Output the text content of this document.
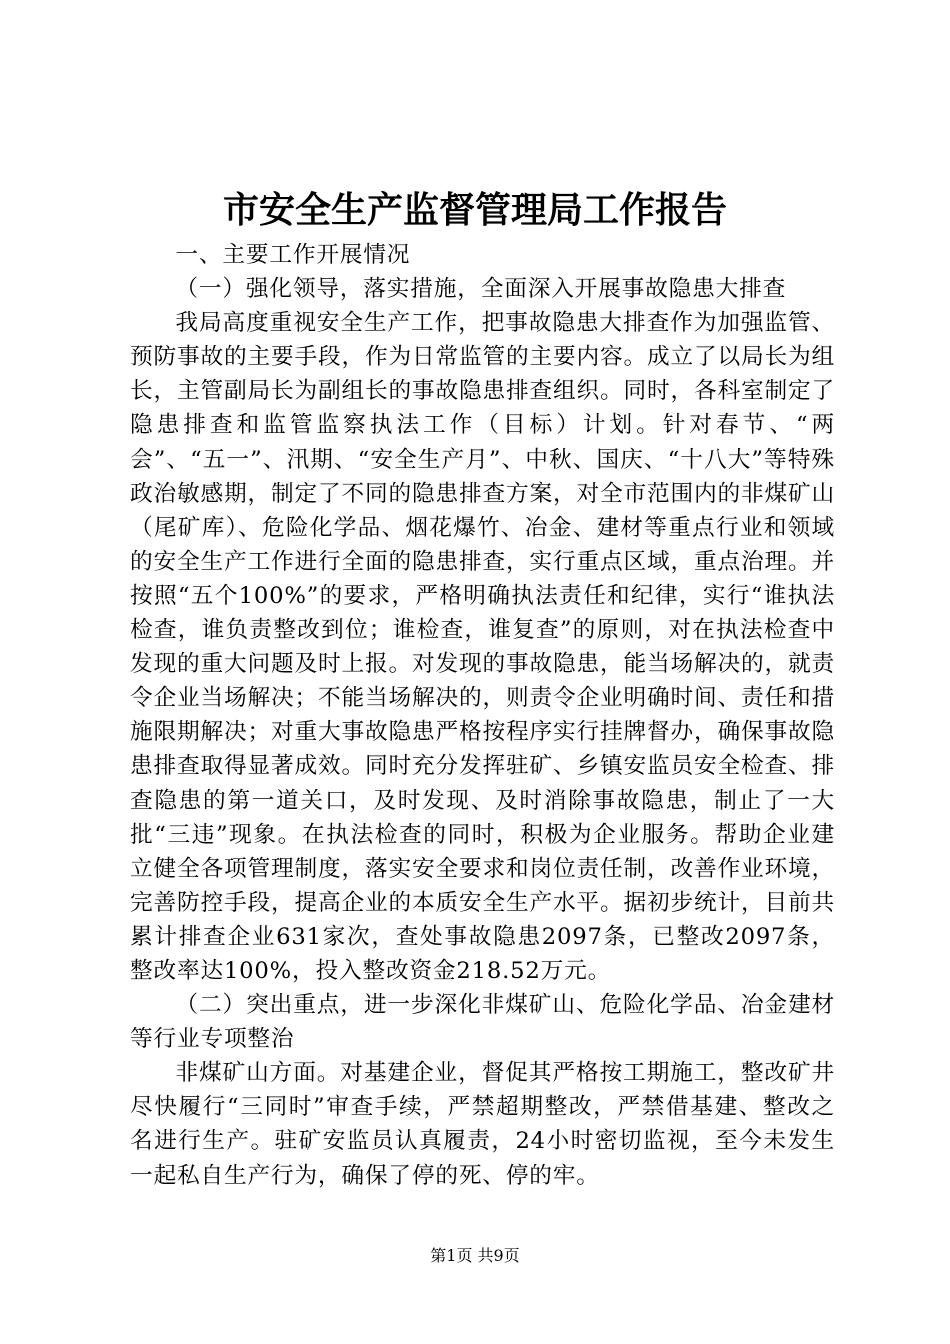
市安全生产监督管理局工作报告

一、主要工作开展情况

（一）强化领导，落实措施，全面深入开展事故隐患大排查

我局高度重视安全生产工作，把事故隐患大排查作为加强监管、预防事故的主要手段，作为日常监管的主要内容。成立了以局长为组长，主管副局长为副组长的事故隐患排查组织。同时，各科室制定了隐患排查和监管监察执法工作（目标）计划。针对春节、“两会”、“五一”、汛期、“安全生产月”、中秋、国庆、“十八大”等特殊政治敏感期，制定了不同的隐患排查方案，对全市范围内的非煤矿山（尾矿库）、危险化学品、烟花爆竹、冶金、建材等重点行业和领域的安全生产工作进行全面的隐患排查，实行重点区域，重点治理。并按照“五个100%”的要求，严格明确执法责任和纪律，实行“谁执法检查，谁负责整改到位；谁检查，谁复查”的原则，对在执法检查中发现的重大问题及时上报。对发现的事故隐患，能当场解决的，就责令企业当场解决；不能当场解决的，则责令企业明确时间、责任和措施限期解决；对重大事故隐患严格按程序实行挂牌督办，确保事故隐患排查取得显著成效。同时充分发挥驻矿、乡镇安监员安全检查、排查隐患的第一道关口，及时发现、及时消除事故隐患，制止了一大批“三违”现象。在执法检查的同时，积极为企业服务。帮助企业建立健全各项管理制度，落实安全要求和岗位责任制，改善作业环境，完善防控手段，提高企业的本质安全生产水平。据初步统计，目前共累计排查企业631家次，查处事故隐患2097条，已整改2097条，整改率达100%，投入整改资金218.52万元。

（二）突出重点，进一步深化非煤矿山、危险化学品、冶金建材等行业专项整治

非煤矿山方面。对基建企业，督促其严格按工期施工，整改矿井尽快履行“三同时”审查手续，严禁超期整改，严禁借基建、整改之名进行生产。驻矿安监员认真履责，24小时密切监视，至今未发生一起私自生产行为，确保了停的死、停的牢。

第1页 共9页
